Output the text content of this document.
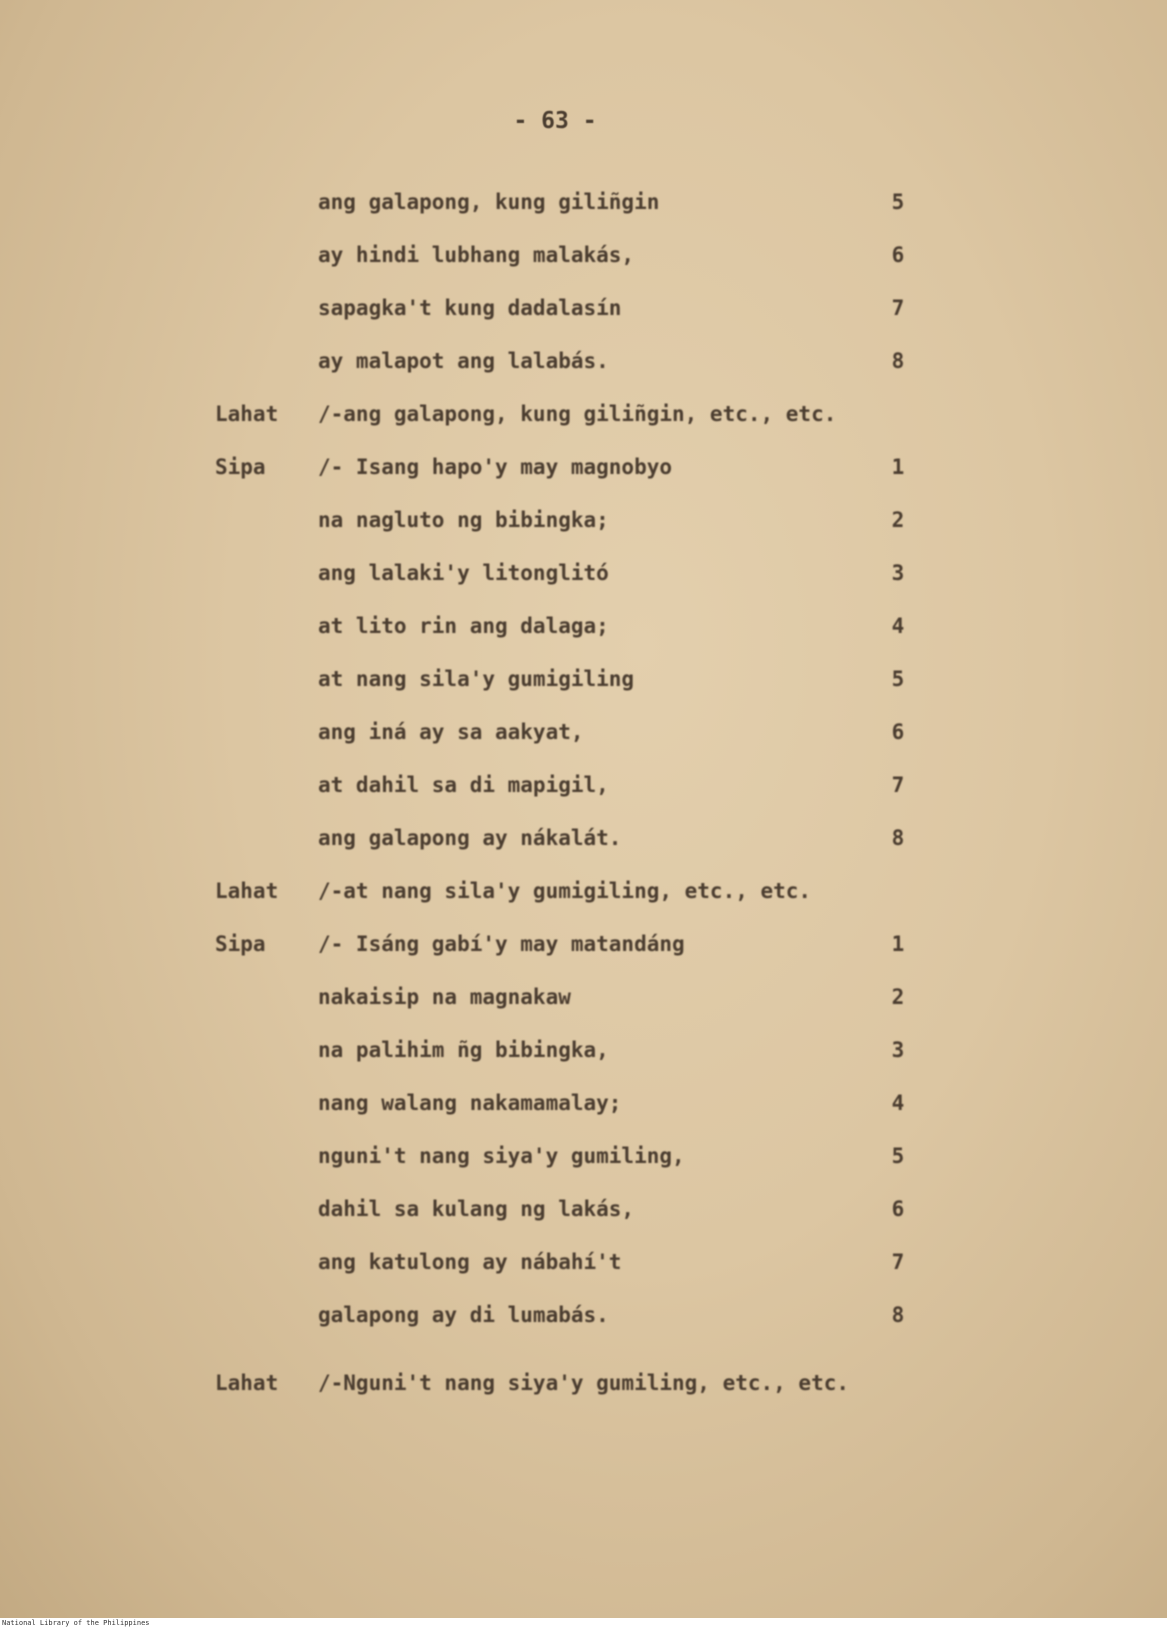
- 63 -
ang galapong, kung giliñgin	5
ay hindi lubhang malakás,	6
sapagka't kung dadalasín	7
ay malapot ang lalabás.	8
Lahat /-ang galapong, kung giliñgin, etc., etc.
Sipa /- Isang hapo'y may magnobyo	1
na nagluto ng bibingka;	2
ang lalaki'y litonglitó	3
at lito rin ang dalaga;	4
at nang sila'y gumigiling	5
ang iná ay sa aakyat,	6
at dahil sa di mapigil,	7
ang galapong ay nákalát.	8
Lahat /-at nang sila'y gumigiling, etc., etc.
Sipa /- Isáng gabí'y may matandáng	1
nakaisip na magnakaw	2
na palihim ñg bibingka,	3
nang walang nakamamalay;	4
nguni't nang siya'y gumiling,	5
dahil sa kulang ng lakás,	6
ang katulong ay nábahí't	7
galapong ay di lumabás.	8
Lahat /-Nguni't nang siya'y gumiling, etc., etc.
National Library of the Philippines
